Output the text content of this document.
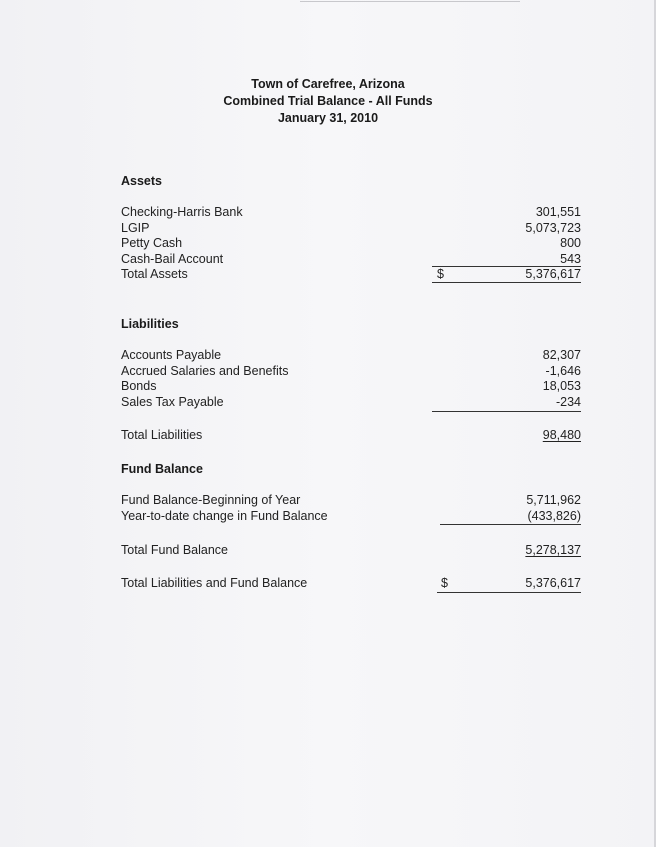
Town of Carefree, Arizona
Combined Trial Balance - All Funds
January 31, 2010
Assets
Checking-Harris Bank	301,551
LGIP	5,073,723
Petty Cash	800
Cash-Bail Account	543
Total Assets	$	5,376,617
Liabilities
Accounts Payable	82,307
Accrued Salaries and Benefits	-1,646
Bonds	18,053
Sales Tax Payable	-234
Total Liabilities	98,480
Fund Balance
Fund Balance-Beginning of Year	5,711,962
Year-to-date change in Fund Balance	(433,826)
Total Fund Balance	5,278,137
Total Liabilities and Fund Balance	$	5,376,617
